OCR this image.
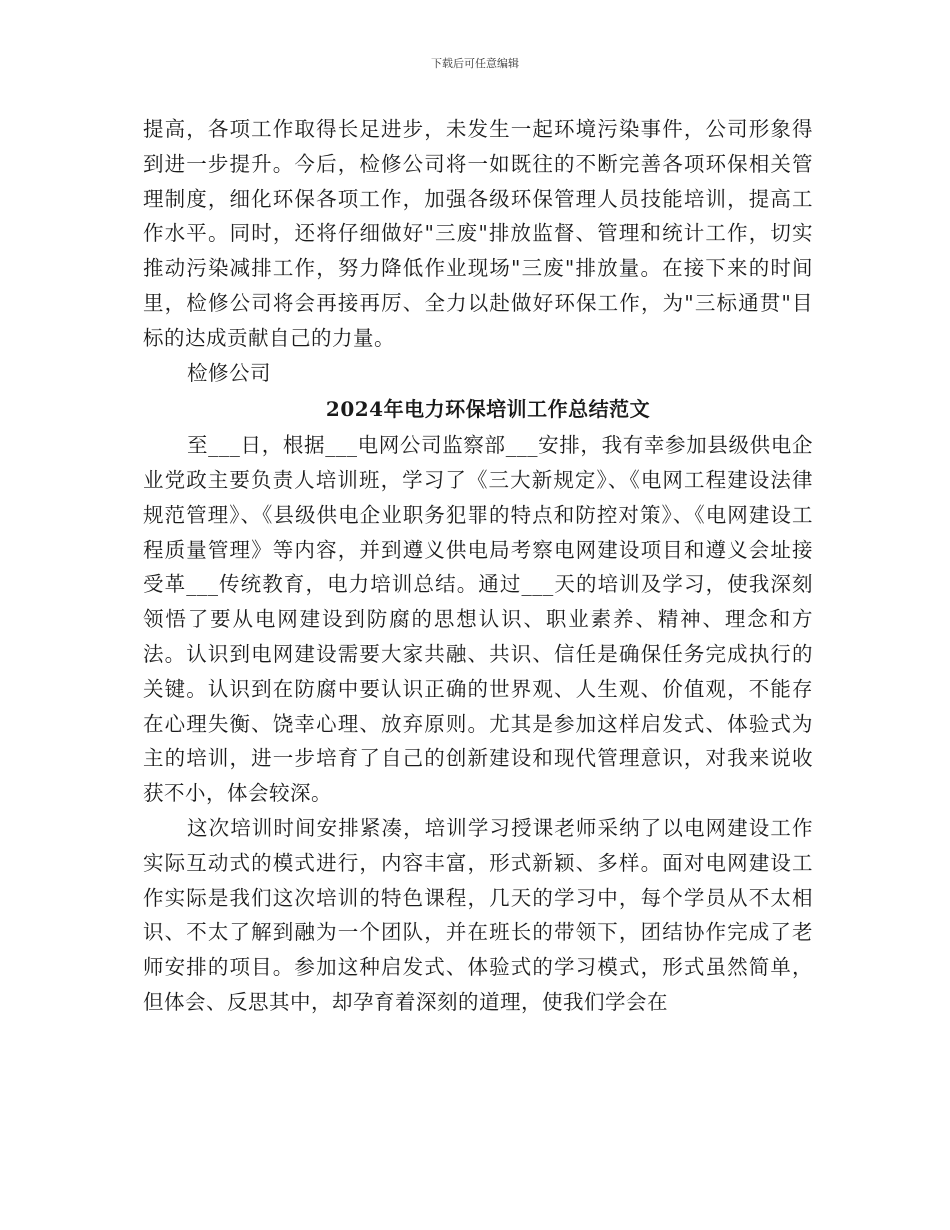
下载后可任意编辑

提高，各项工作取得长足进步，未发生一起环境污染事件，公司形象得到进一步提升。今后，检修公司将一如既往的不断完善各项环保相关管理制度，细化环保各项工作，加强各级环保管理人员技能培训，提高工作水平。同时，还将仔细做好"三废"排放监督、管理和统计工作，切实推动污染减排工作，努力降低作业现场"三废"排放量。在接下来的时间里，检修公司将会再接再厉、全力以赴做好环保工作，为"三标通贯"目标的达成贡献自己的力量。

检修公司

2024年电力环保培训工作总结范文

至___日，根据___电网公司监察部___安排，我有幸参加县级供电企业党政主要负责人培训班，学习了《三大新规定》、《电网工程建设法律规范管理》、《县级供电企业职务犯罪的特点和防控对策》、《电网建设工程质量管理》等内容，并到遵义供电局考察电网建设项目和遵义会址接受革___传统教育，电力培训总结。通过___天的培训及学习，使我深刻领悟了要从电网建设到防腐的思想认识、职业素养、精神、理念和方法。认识到电网建设需要大家共融、共识、信任是确保任务完成执行的关键。认识到在防腐中要认识正确的世界观、人生观、价值观，不能存在心理失衡、饶幸心理、放弃原则。尤其是参加这样启发式、体验式为主的培训，进一步培育了自己的创新建设和现代管理意识，对我来说收获不小，体会较深。

这次培训时间安排紧凑，培训学习授课老师采纳了以电网建设工作实际互动式的模式进行，内容丰富，形式新颖、多样。面对电网建设工作实际是我们这次培训的特色课程，几天的学习中，每个学员从不太相识、不太了解到融为一个团队，并在班长的带领下，团结协作完成了老师安排的项目。参加这种启发式、体验式的学习模式，形式虽然简单，但体会、反思其中，却孕育着深刻的道理，使我们学会在
